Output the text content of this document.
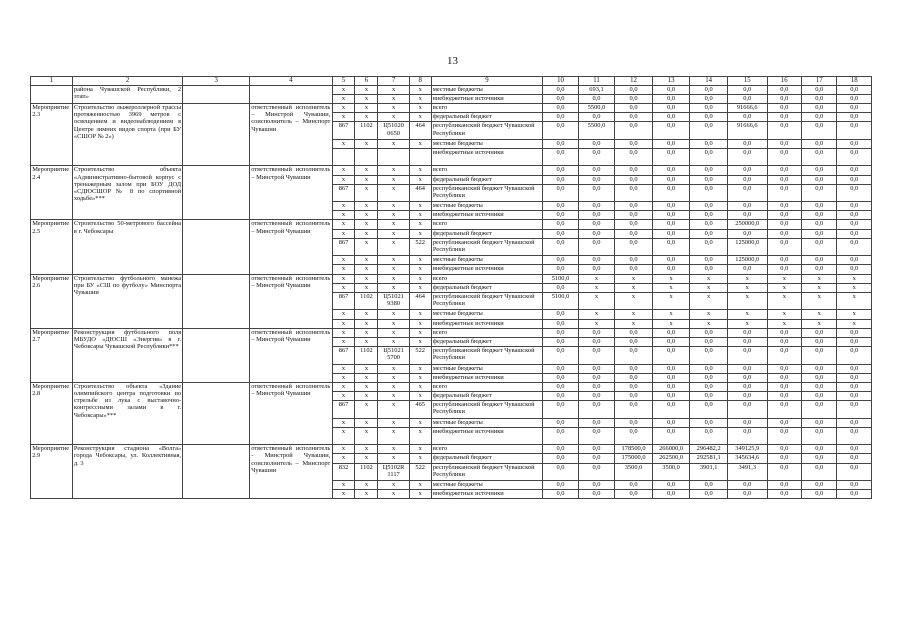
13
1	2	3	4	5	6	7	8	9	10	11	12	13	14	15	16	17	18
	района Чувашской Республики, 2 этап»			x	x	x	x	местные бюджеты	0,0	693,1	0,0	0,0	0,0	0,0	0,0	0,0	0,0
				x	x	x	x	внебюджетные источники	0,0	0,0	0,0	0,0	0,0	0,0	0,0	0,0	0,0
Мероприятие 2.3	Строительство лыжероллерной трассы протяженностью 3969 метров с освещением и видеонаблюдением в Центре зимних видов спорта (при БУ «СШОР № 2»)		ответственный исполнитель – Минстрой Чувашии, соисполнитель – Минспорт Чувашии	x	x	x	x	всего	0,0	5500,0	0,0	0,0	0,0	91666,6	0,0	0,0	0,0
				x	x	x	x	федеральный бюджет	0,0	0,0	0,0	0,0	0,0	0,0	0,0	0,0	0,0
				867	1102	Ц51020 0650	464	республиканский бюджет Чувашской Республики	0,0	5500,0	0,0	0,0	0,0	91666,6	0,0	0,0	0,0
				x	x	x	x	местные бюджеты	0,0	0,0	0,0	0,0	0,0	0,0	0,0	0,0	0,0
								внебюджетные источники	0,0	0,0	0,0	0,0	0,0	0,0	0,0	0,0	0,0
Мероприятие 2.4	Строительство объекта «Административно-бытовой корпус с тренажерным залом при БОУ ДОД «СДЮСШОР № 8 по спортивной ходьбе»***		ответственный исполнитель – Минстрой Чувашии	x	x	x	x	всего	0,0	0,0	0,0	0,0	0,0	0,0	0,0	0,0	0,0
				x	x	x	x	федеральный бюджет	0,0	0,0	0,0	0,0	0,0	0,0	0,0	0,0	0,0
				867	x	x	464	республиканский бюджет Чувашской Республики	0,0	0,0	0,0	0,0	0,0	0,0	0,0	0,0	0,0
				x	x	x	x	местные бюджеты	0,0	0,0	0,0	0,0	0,0	0,0	0,0	0,0	0,0
				x	x	x	x	внебюджетные источники	0,0	0,0	0,0	0,0	0,0	0,0	0,0	0,0	0,0
Мероприятие 2.5	Строительство 50-метрового бассейна в г. Чебоксары		ответственный исполнитель – Минстрой Чувашии	x	x	x	x	всего	0,0	0,0	0,0	0,0	0,0	250000,0	0,0	0,0	0,0
				x	x	x	x	федеральный бюджет	0,0	0,0	0,0	0,0	0,0	0,0	0,0	0,0	0,0
				867	x	x	522	республиканский бюджет Чувашской Республики	0,0	0,0	0,0	0,0	0,0	125000,0	0,0	0,0	0,0
				x	x	x	x	местные бюджеты	0,0	0,0	0,0	0,0	0,0	125000,0	0,0	0,0	0,0
				x	x	x	x	внебюджетные источники	0,0	0,0	0,0	0,0	0,0	0,0	0,0	0,0	0,0
Мероприятие 2.6	Строительство футбольного манежа при БУ «СШ по футболу» Минспорта Чувашии		ответственный исполнитель – Минстрой Чувашии	x	x	x	x	всего	5100,0	x	x	x	x	x	x	x	x
				x	x	x	x	федеральный бюджет	0,0	x	x	x	x	x	x	x	x
				867	1102	Ц51021 9380	464	республиканский бюджет Чувашской Республики	5100,0	x	x	x	x	x	x	x	x
				x	x	x	x	местные бюджеты	0,0	x	x	x	x	x	x	x	x
				x	x	x	x	внебюджетные источники	0,0	x	x	x	x	x	x	x	x
Мероприятие 2.7	Реконструкция футбольного поля МБУДО «ДЮСШ «Энергия» в г. Чебоксары Чувашской Республики***		ответственный исполнитель – Минстрой Чувашии	x	x	x	x	всего	0,0	0,0	0,0	0,0	0,0	0,0	0,0	0,0	0,0
				x	x	x	x	федеральный бюджет	0,0	0,0	0,0	0,0	0,0	0,0	0,0	0,0	0,0
				867	1102	Ц51021 5700	522	республиканский бюджет Чувашской Республики	0,0	0,0	0,0	0,0	0,0	0,0	0,0	0,0	0,0
				x	x	x	x	местные бюджеты	0,0	0,0	0,0	0,0	0,0	0,0	0,0	0,0	0,0
				x	x	x	x	внебюджетные источники	0,0	0,0	0,0	0,0	0,0	0,0	0,0	0,0	0,0
Мероприятие 2.8	Строительство объекта «Здание олимпийского центра подготовки по стрельбе из лука с выставочно-конгрессными залами в г. Чебоксары»***		ответственный исполнитель – Минстрой Чувашии	x	x	x	x	всего	0,0	0,0	0,0	0,0	0,0	0,0	0,0	0,0	0,0
				x	x	x	x	федеральный бюджет	0,0	0,0	0,0	0,0	0,0	0,0	0,0	0,0	0,0
				867	x	x	465	республиканский бюджет Чувашской Республики	0,0	0,0	0,0	0,0	0,0	0,0	0,0	0,0	0,0
				x	x	x	x	местные бюджеты	0,0	0,0	0,0	0,0	0,0	0,0	0,0	0,0	0,0
				x	x	x	x	внебюджетные источники	0,0	0,0	0,0	0,0	0,0	0,0	0,0	0,0	0,0
Мероприятие 2.9	Реконструкция стадиона «Волга» города Чебоксары, ул. Коллективная, д. 3		ответственный исполнитель - Минстрой Чувашии, соисполнитель – Минспорт Чувашии	x	x	x	x	всего	0,0	0,0	178500,0	266000,0	296482,2	349125,9	0,0	0,0	0,0
				x	x	x	x	федеральный бюджет	0,0	0,0	175000,0	262500,0	292581,1	345634,6	0,0	0,0	0,0
				832	1102	Ц5102R 1117	522	республиканский бюджет Чувашской Республики	0,0	0,0	3500,0	3500,0	3901,1	3491,3	0,0	0,0	0,0
				x	x	x	x	местные бюджеты	0,0	0,0	0,0	0,0	0,0	0,0	0,0	0,0	0,0
				x	x	x	x	внебюджетные источники	0,0	0,0	0,0	0,0	0,0	0,0	0,0	0,0	0,0
